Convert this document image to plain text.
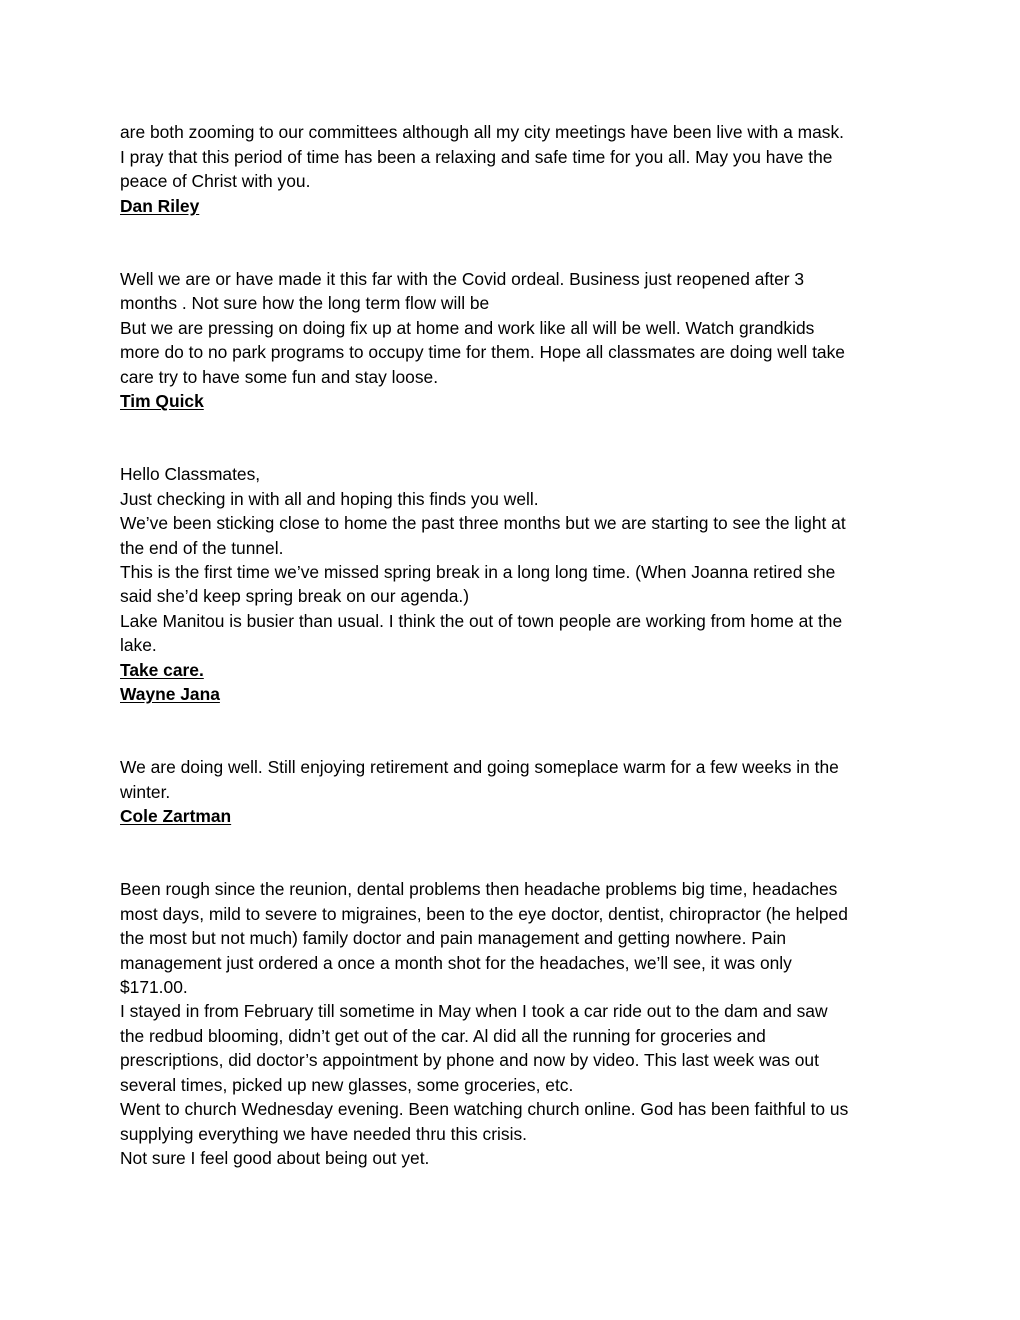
are both zooming to our committees although all my city meetings have been live with a mask.
I pray that this period of time has been a relaxing and safe time for you all. May you have the
peace of Christ with you.
Dan Riley
Well we are or have made it this far with the Covid ordeal. Business just reopened after 3
months . Not sure how the long term flow will be
But we are pressing on doing fix up at home and work like all will be well. Watch grandkids
more do to no park programs to occupy time for them. Hope all classmates are doing well take
care try to have some fun and stay loose.
Tim Quick
Hello Classmates,
Just checking in with all and hoping this finds you well.
We’ve been sticking close to home the past three months but we are starting to see the light at
the end of the tunnel.
This is the first time we’ve missed spring break in a long long time. (When Joanna retired she
said she’d keep spring break on our agenda.)
Lake Manitou is busier than usual. I think the out of town people are working from home at the
lake.
Take care.
Wayne Jana
We are doing well. Still enjoying retirement and going someplace warm for a few weeks in the
winter.
Cole Zartman
Been rough since the reunion, dental problems then headache problems big time, headaches
most days, mild to severe to migraines, been to the eye doctor, dentist, chiropractor (he helped
the most but not much) family doctor and pain management and getting nowhere. Pain
management just ordered a once a month shot for the headaches, we’ll see, it was only
$171.00.
I stayed in from February till sometime in May when I took a car ride out to the dam and saw
the redbud blooming, didn’t get out of the car. Al did all the running for groceries and
prescriptions, did doctor’s appointment by phone and now by video. This last week was out
several times, picked up new glasses, some groceries, etc.
Went to church Wednesday evening. Been watching church online. God has been faithful to us
supplying everything we have needed thru this crisis.
Not sure I feel good about being out yet.
